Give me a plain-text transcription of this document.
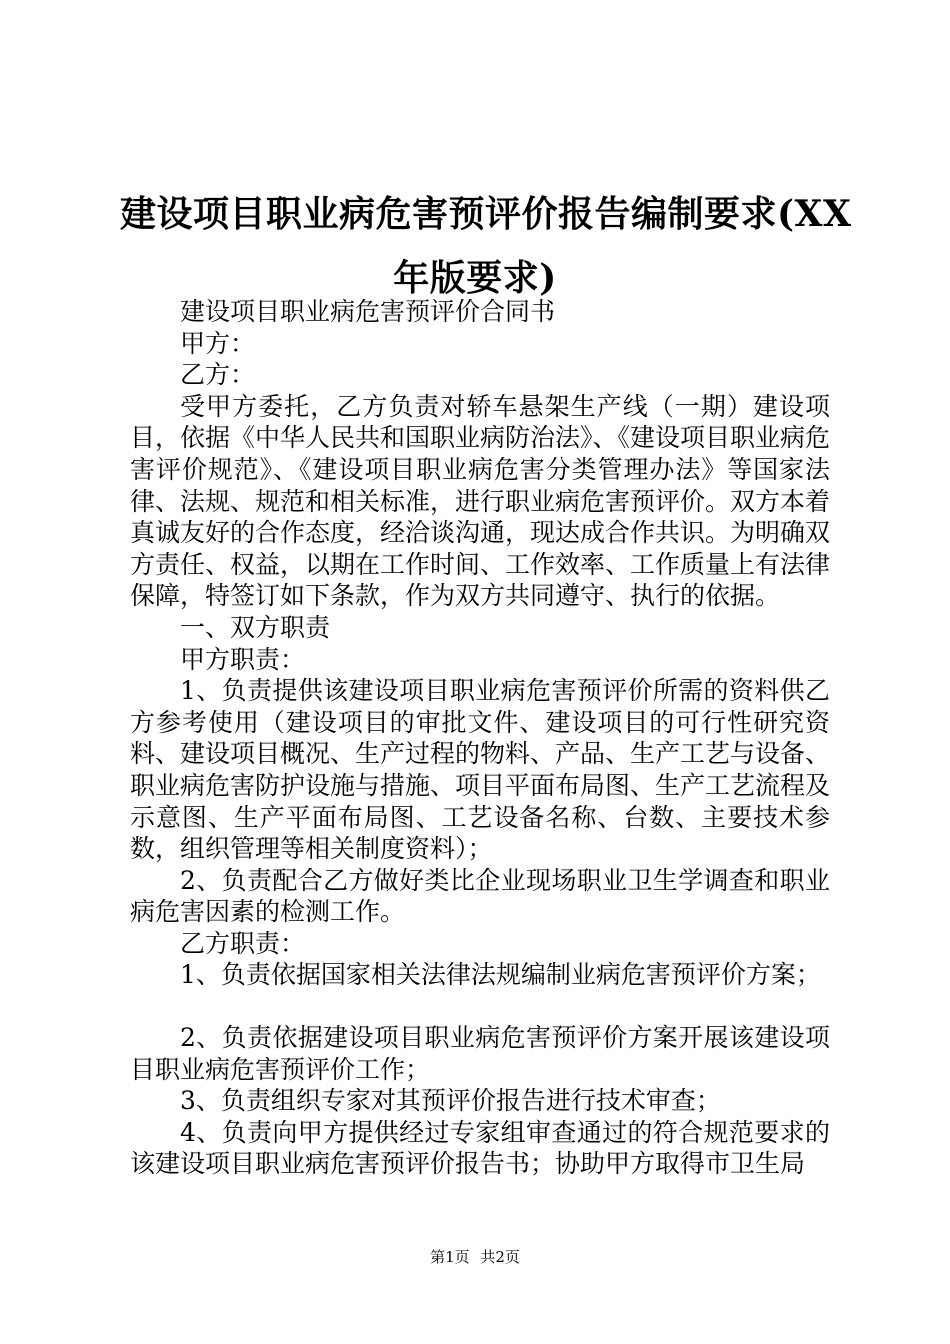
建设项目职业病危害预评价报告编制要求(XX
年版要求)

建设项目职业病危害预评价合同书

甲方：

乙方：

受甲方委托，乙方负责对轿车悬架生产线（一期）建设项目，依据《中华人民共和国职业病防治法》、《建设项目职业病危害评价规范》、《建设项目职业病危害分类管理办法》等国家法律、法规、规范和相关标准，进行职业病危害预评价。双方本着真诚友好的合作态度，经洽谈沟通，现达成合作共识。为明确双方责任、权益，以期在工作时间、工作效率、工作质量上有法律保障，特签订如下条款，作为双方共同遵守、执行的依据。

一、双方职责

甲方职责：

1、负责提供该建设项目职业病危害预评价所需的资料供乙方参考使用（建设项目的审批文件、建设项目的可行性研究资料、建设项目概况、生产过程的物料、产品、生产工艺与设备、职业病危害防护设施与措施、项目平面布局图、生产工艺流程及示意图、生产平面布局图、工艺设备名称、台数、主要技术参数，组织管理等相关制度资料）；

2、负责配合乙方做好类比企业现场职业卫生学调查和职业病危害因素的检测工作。

乙方职责：

1、负责依据国家相关法律法规编制业病危害预评价方案；

2、负责依据建设项目职业病危害预评价方案开展该建设项目职业病危害预评价工作；

3、负责组织专家对其预评价报告进行技术审查；

4、负责向甲方提供经过专家组审查通过的符合规范要求的该建设项目职业病危害预评价报告书；协助甲方取得市卫生局

第1页 共2页
